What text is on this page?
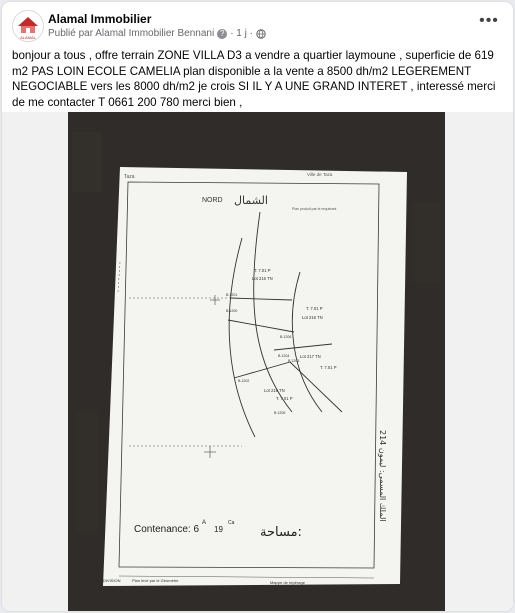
ALAMAL
Alamal Immobilier
Publié par Alamal Immobilier Bennani ? · 1 j ·
•••
bonjour a tous , offre terrain ZONE VILLA D3 a vendre a quartier laymoune , superficie de 619 m2 PAS LOIN ECOLE CAMELIA plan disponible a la vente a 8500 dh/m2 LEGEREMENT NEGOCIABLE vers les 8000 dh/m2 je crois SI IL Y A UNE GRAND INTERET , interessé merci de me contacter T 0661 200 780 merci bien ,
Taza	Ville de Taza
NORD الشمال
Plan produit par le requérant
T. 7.01 P
Lot 215 TN
T. 7.01 P
Lot 216 TN
Lot 217 TN
T. 7.01 P
Lot 219 TN
T. 7.01 P
B.1201
B.1200
B.1206
B.1204
B.1203
B.1202
B.1205
Contenance: 6
A
19
Ca
مساحة:
الملك المسمى: ليمون 214
DIVISION	Plan levé par le Géomètre	Mappe de repérage
